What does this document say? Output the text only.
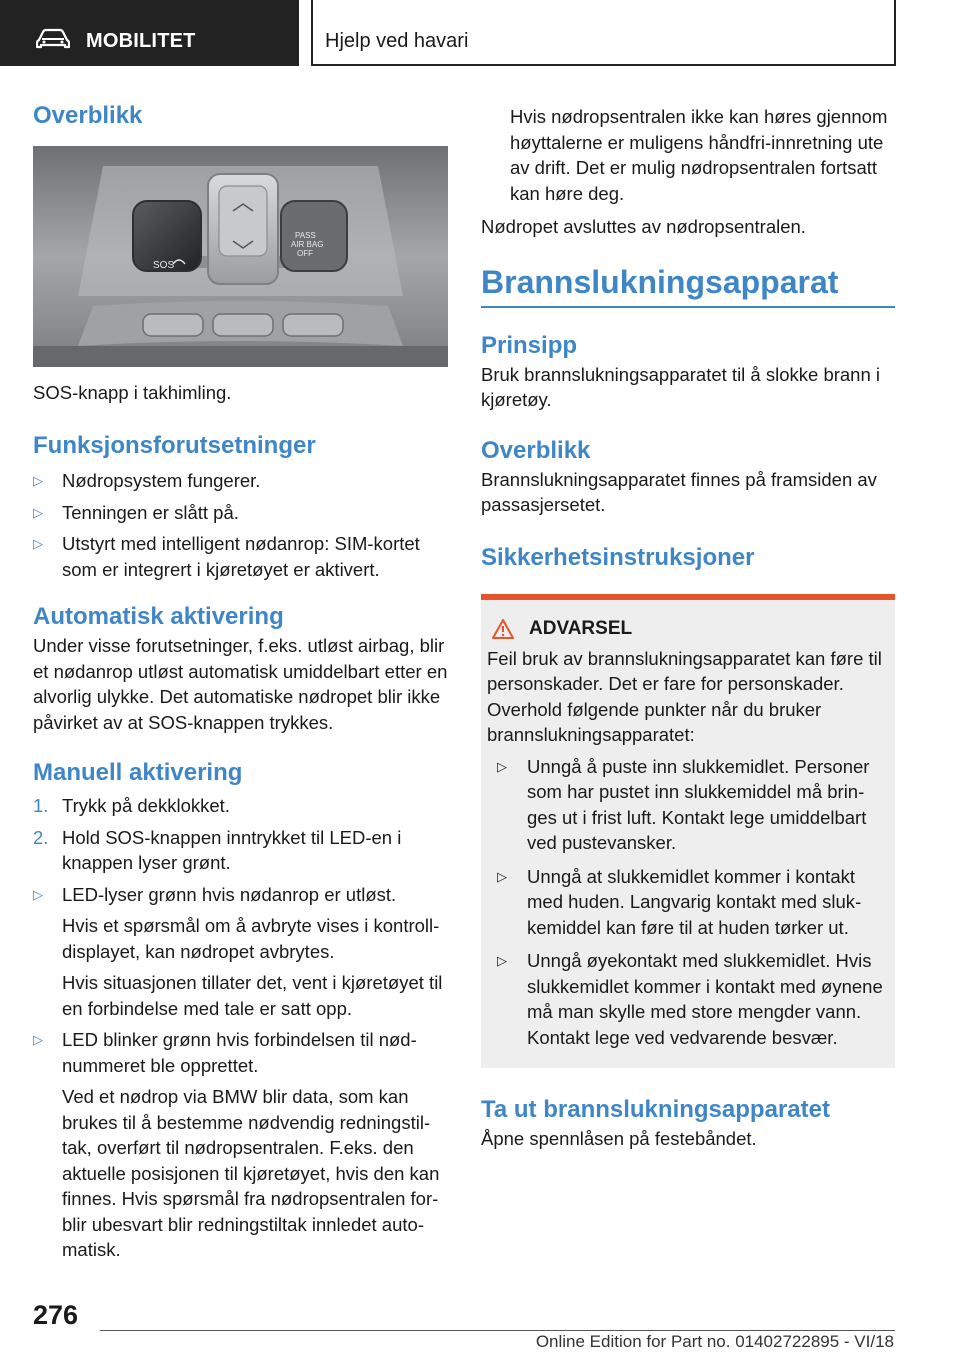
MOBILITET	Hjelp ved havari
Overblikk
SOS
PASS
AIR BAG
OFF

SOS-knapp i takhimling.

Funksjonsforutsetninger
▷ Nødropsystem fungerer.
▷ Tenningen er slått på.
▷ Utstyrt med intelligent nødanrop: SIM-kortet som er integrert i kjøretøyet er aktivert.
Automatisk aktivering

Under visse forutsetninger, f.eks. utløst airbag, blir et nødanrop utløst automatisk umiddelbart etter en alvorlig ulykke. Det automatiske nødropet blir ikke påvirket av at SOS-knappen trykkes.

Manuell aktivering
1. Trykk på dekklokket.
2. Hold SOS-knappen inntrykket til LED-en i knappen lyser grønt.
▷ LED-lyser grønn hvis nødanrop er utløst.

Hvis et spørsmål om å avbryte vises i kontrolldisplayet, kan nødropet avbrytes.

Hvis situasjonen tillater det, vent i kjøretøyet til en forbindelse med tale er satt opp.

▷ LED blinker grønn hvis forbindelsen til nødnummeret ble opprettet.

Ved et nødrop via BMW blir data, som kan brukes til å bestemme nødvendig redningstiltak, overført til nødropsentralen. F.eks. den aktuelle posisjonen til kjøretøyet, hvis den kan finnes. Hvis spørsmål fra nødropsentralen forblir ubesvart blir redningstiltak innledet automatisk.

Hvis nødropsentralen ikke kan høres gjennom høyttalerne er muligens håndfri-innretning ute av drift. Det er mulig nødropsentralen fortsatt kan høre deg.

Nødropet avsluttes av nødropsentralen.

Brannslukningsapparat
Prinsipp

Bruk brannslukningsapparatet til å slokke brann i kjøretøy.

Overblikk

Brannslukningsapparatet finnes på framsiden av passasjersetet.

Sikkerhetsinstruksjoner
ADVARSEL

Feil bruk av brannslukningsapparatet kan føre til personskader. Det er fare for personskader. Overhold følgende punkter når du bruker brannslukningsapparatet:

▷ Unngå å puste inn slukkemidlet. Personer som har pustet inn slukkemiddel må bringes ut i frist luft. Kontakt lege umiddelbart ved pustevansker.
▷ Unngå at slukkemidlet kommer i kontakt med huden. Langvarig kontakt med slukkemiddel kan føre til at huden tørker ut.
▷ Unngå øyekontakt med slukkemidlet. Hvis slukkemidlet kommer i kontakt med øynene må man skylle med store mengder vann. Kontakt lege ved vedvarende besvær.
Ta ut brannslukningsapparatet

Åpne spennlåsen på festebåndet.

276
Online Edition for Part no. 01402722895 - VI/18
